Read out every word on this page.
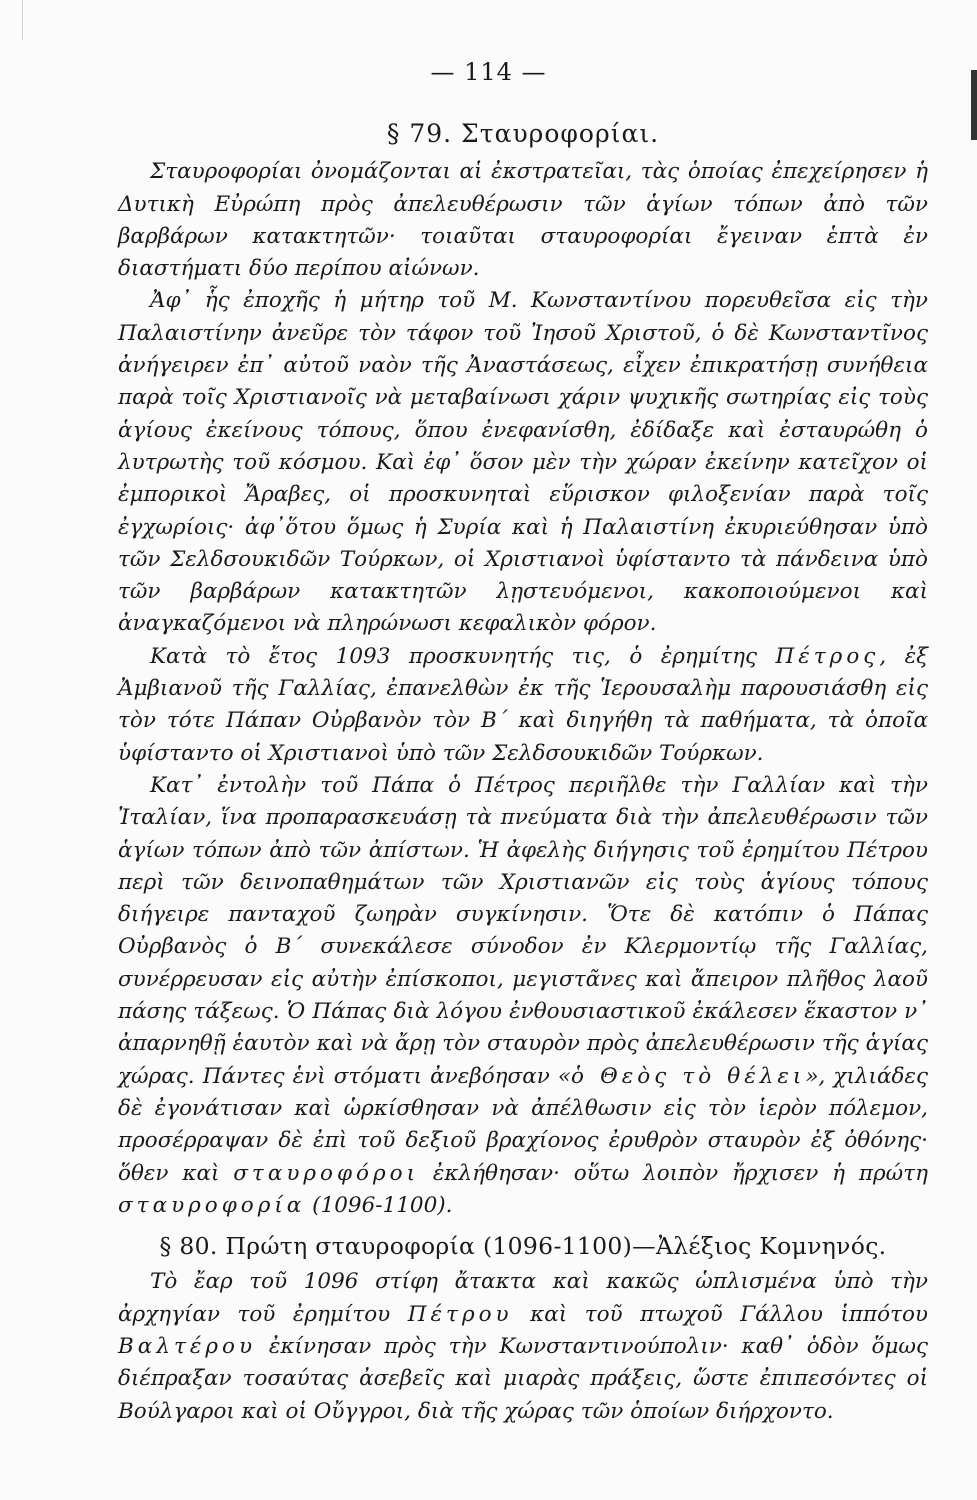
— 114 —
§ 79. Σταυροφορίαι.

Σταυροφορίαι ὀνομάζονται αἱ ἐκστρατεῖαι, τὰς ὁποίας ἐπεχείρησεν ἡ Δυτικὴ Εὐρώπη πρὸς ἀπελευθέρωσιν τῶν ἁγίων τόπων ἀπὸ τῶν βαρβάρων κατακτητῶν· τοιαῦται σταυροφορίαι ἔγειναν ἑπτὰ ἐν διαστήματι δύο περίπου αἰώνων.

Ἀφ᾽ ἧς ἐποχῆς ἡ μήτηρ τοῦ Μ. Κωνσταντίνου πορευθεῖσα εἰς τὴν Παλαιστίνην ἀνεῦρε τὸν τάφον τοῦ Ἰησοῦ Χριστοῦ, ὁ δὲ Κωνσταντῖνος ἀνήγειρεν ἐπ᾽ αὐτοῦ ναὸν τῆς Ἀναστάσεως, εἶχεν ἐπικρατήσῃ συνήθεια παρὰ τοῖς Χριστιανοῖς νὰ μεταβαίνωσι χάριν ψυχικῆς σωτηρίας εἰς τοὺς ἁγίους ἐκείνους τόπους, ὅπου ἐνεφανίσθη, ἐδίδαξε καὶ ἐσταυρώθη ὁ λυτρωτὴς τοῦ κόσμου. Καὶ ἐφ᾽ ὅσον μὲν τὴν χώραν ἐκείνην κατεῖχον οἱ ἐμπορικοὶ Ἄραβες, οἱ προσκυνηταὶ εὕρισκον φιλοξενίαν παρὰ τοῖς ἐγχωρίοις· ἀφ᾽ὅτου ὅμως ἡ Συρία καὶ ἡ Παλαιστίνη ἐκυριεύθησαν ὑπὸ τῶν Σελδσουκιδῶν Τούρκων, οἱ Χριστιανοὶ ὑφίσταντο τὰ πάνδεινα ὑπὸ τῶν βαρβάρων κατακτητῶν λῃστευόμενοι, κακοποιούμενοι καὶ ἀναγκαζόμενοι νὰ πληρώνωσι κεφαλικὸν φόρον.

Κατὰ τὸ ἔτος 1093 προσκυνητής τις, ὁ ἐρημίτης Πέτρος, ἐξ Ἀμβιανοῦ τῆς Γαλλίας, ἐπανελθὼν ἐκ τῆς Ἱερουσαλὴμ παρουσιάσθη εἰς τὸν τότε Πάπαν Οὐρβανὸν τὸν Β΄ καὶ διηγήθη τὰ παθήματα, τὰ ὁποῖα ὑφίσταντο οἱ Χριστιανοὶ ὑπὸ τῶν Σελδσουκιδῶν Τούρκων.

Κατ᾽ ἐντολὴν τοῦ Πάπα ὁ Πέτρος περιῆλθε τὴν Γαλλίαν καὶ τὴν Ἰταλίαν, ἵνα προπαρασκευάσῃ τὰ πνεύματα διὰ τὴν ἀπελευθέρωσιν τῶν ἁγίων τόπων ἀπὸ τῶν ἀπίστων. Ἡ ἀφελὴς διήγησις τοῦ ἐρημίτου Πέτρου περὶ τῶν δεινοπαθημάτων τῶν Χριστιανῶν εἰς τοὺς ἁγίους τόπους διήγειρε πανταχοῦ ζωηρὰν συγκίνησιν. Ὅτε δὲ κατόπιν ὁ Πάπας Οὐρβανὸς ὁ Β΄ συνεκάλεσε σύνοδον ἐν Κλερμοντίῳ τῆς Γαλλίας, συνέρρευσαν εἰς αὐτὴν ἐπίσκοποι, μεγιστᾶνες καὶ ἄπειρον πλῆθος λαοῦ πάσης τάξεως. Ὁ Πάπας διὰ λόγου ἐνθουσιαστικοῦ ἐκάλεσεν ἕκαστον ν᾽ ἀπαρνηθῇ ἑαυτὸν καὶ νὰ ἄρῃ τὸν σταυρὸν πρὸς ἀπελευθέρωσιν τῆς ἁγίας χώρας. Πάντες ἑνὶ στόματι ἀνεβόησαν «ὁ Θεὸς τὸ θέλει», χιλιάδες δὲ ἐγονάτισαν καὶ ὡρκίσθησαν νὰ ἀπέλθωσιν εἰς τὸν ἱερὸν πόλεμον, προσέρραψαν δὲ ἐπὶ τοῦ δεξιοῦ βραχίονος ἐρυθρὸν σταυρὸν ἐξ ὀθόνης· ὅθεν καὶ σταυροφόροι ἐκλήθησαν· οὕτω λοιπὸν ἤρχισεν ἡ πρώτη σταυροφορία (1096-1100).

§ 80. Πρώτη σταυροφορία (1096-1100)—Ἀλέξιος Κομνηνός.

Τὸ ἔαρ τοῦ 1096 στίφη ἄτακτα καὶ κακῶς ὡπλισμένα ὑπὸ τὴν ἀρχηγίαν τοῦ ἐρημίτου Πέτρου καὶ τοῦ πτωχοῦ Γάλλου ἱππότου Βαλτέρου ἐκίνησαν πρὸς τὴν Κωνσταντινούπολιν· καθ᾽ ὁδὸν ὅμως διέπραξαν τοσαύτας ἀσεβεῖς καὶ μιαρὰς πράξεις, ὥστε ἐπιπεσόντες οἱ Βούλγαροι καὶ οἱ Οὔγγροι, διὰ τῆς χώρας τῶν ὁποίων διήρχοντο.
